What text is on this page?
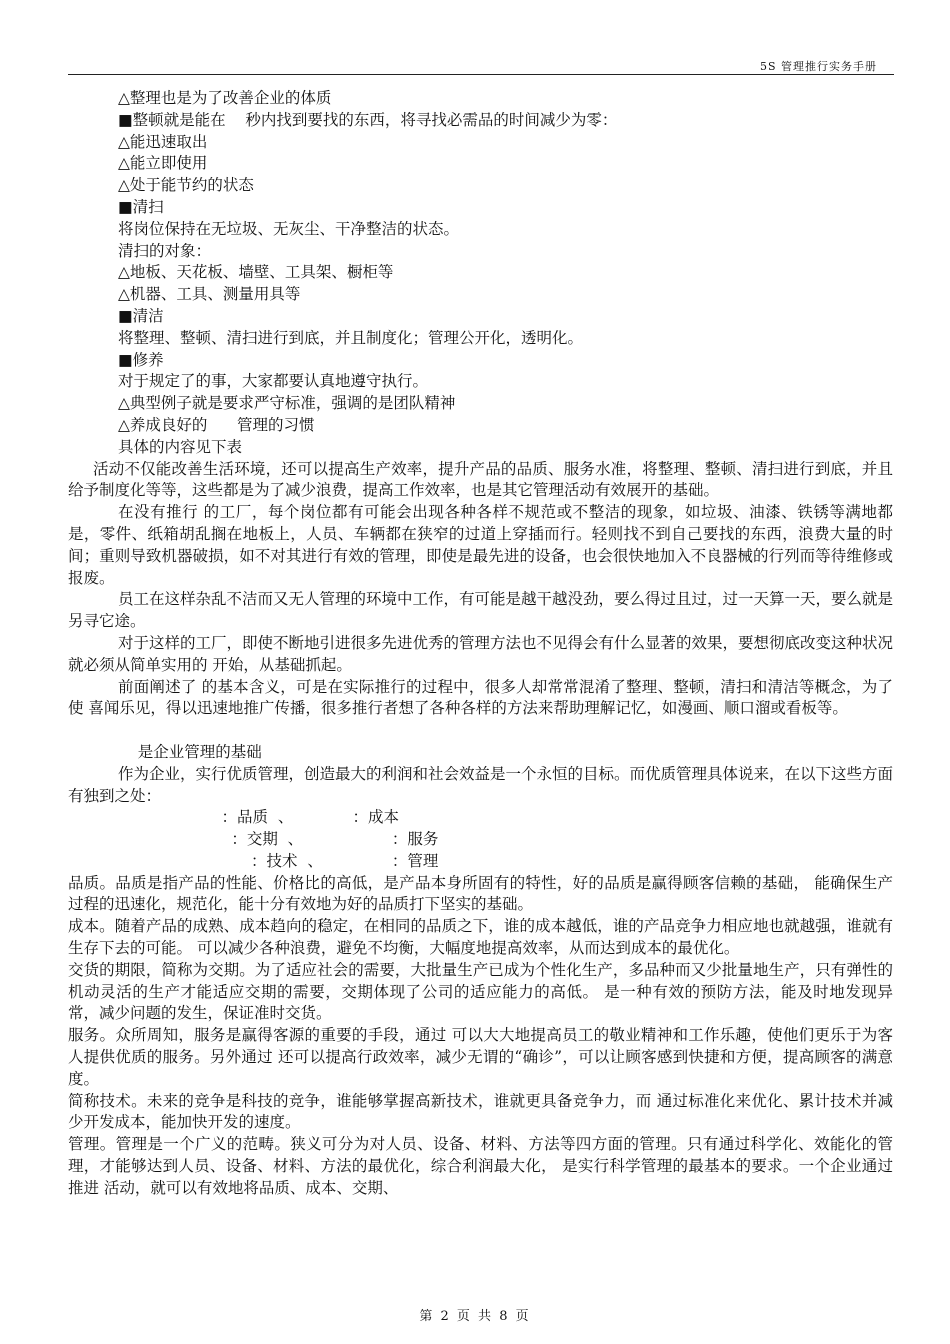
5S 管理推行实务手册
△整理也是为了改善企业的体质
■整顿就是能在    秒内找到要找的东西，将寻找必需品的时间减少为零：
△能迅速取出
△能立即使用
△处于能节约的状态
■清扫
将岗位保持在无垃圾、无灰尘、干净整洁的状态。
清扫的对象：
△地板、天花板、墙壁、工具架、橱柜等
△机器、工具、测量用具等
■清洁
将整理、整顿、清扫进行到底，并且制度化；管理公开化，透明化。
■修养
对于规定了的事，大家都要认真地遵守执行。
△典型例子就是要求严守标准，强调的是团队精神
△养成良好的      管理的习惯
具体的内容见下表

活动不仅能改善生活环境，还可以提高生产效率，提升产品的品质、服务水准，将整理、整顿、清扫进行到底，并且给予制度化等等，这些都是为了减少浪费，提高工作效率，也是其它管理活动有效展开的基础。

在没有推行 的工厂，每个岗位都有可能会出现各种各样不规范或不整洁的现象，如垃圾、油漆、铁锈等满地都是，零件、纸箱胡乱搁在地板上，人员、车辆都在狭窄的过道上穿插而行。轻则找不到自己要找的东西，浪费大量的时间；重则导致机器破损，如不对其进行有效的管理，即使是最先进的设备，也会很快地加入不良器械的行列而等待维修或报废。

员工在这样杂乱不洁而又无人管理的环境中工作，有可能是越干越没劲，要么得过且过，过一天算一天，要么就是另寻它途。

对于这样的工厂，即使不断地引进很多先进优秀的管理方法也不见得会有什么显著的效果，要想彻底改变这种状况就必须从简单实用的 开始，从基础抓起。

前面阐述了 的基本含义，可是在实际推行的过程中，很多人却常常混淆了整理、整顿，清扫和清洁等概念，为了使 喜闻乐见，得以迅速地推广传播，很多推行者想了各种各样的方法来帮助理解记忆，如漫画、顺口溜或看板等。

是企业管理的基础

作为企业，实行优质管理，创造最大的利润和社会效益是一个永恒的目标。而优质管理具体说来，在以下这些方面有独到之处：

：品质  、            ：成本
：交期  、                  ：服务
：技术  、              ：管理

品质。品质是指产品的性能、价格比的高低，是产品本身所固有的特性，好的品质是赢得顾客信赖的基础， 能确保生产过程的迅速化，规范化，能十分有效地为好的品质打下坚实的基础。

成本。随着产品的成熟、成本趋向的稳定，在相同的品质之下，谁的成本越低，谁的产品竞争力相应地也就越强，谁就有生存下去的可能。 可以减少各种浪费，避免不均衡，大幅度地提高效率，从而达到成本的最优化。

交货的期限，简称为交期。为了适应社会的需要，大批量生产已成为个性化生产，多品种而又少批量地生产，只有弹性的机动灵活的生产才能适应交期的需要，交期体现了公司的适应能力的高低。 是一种有效的预防方法，能及时地发现异常，减少问题的发生，保证准时交货。

服务。众所周知，服务是赢得客源的重要的手段，通过 可以大大地提高员工的敬业精神和工作乐趣，使他们更乐于为客人提供优质的服务。另外通过 还可以提高行政效率，减少无谓的“确诊”，可以让顾客感到快捷和方便，提高顾客的满意度。

简称技术。未来的竞争是科技的竞争，谁能够掌握高新技术，谁就更具备竞争力，而 通过标准化来优化、累计技术并减少开发成本，能加快开发的速度。

管理。管理是一个广义的范畴。狭义可分为对人员、设备、材料、方法等四方面的管理。只有通过科学化、效能化的管理，才能够达到人员、设备、材料、方法的最优化，综合利润最大化， 是实行科学管理的最基本的要求。一个企业通过推进 活动，就可以有效地将品质、成本、交期、

第 2 页 共 8 页
